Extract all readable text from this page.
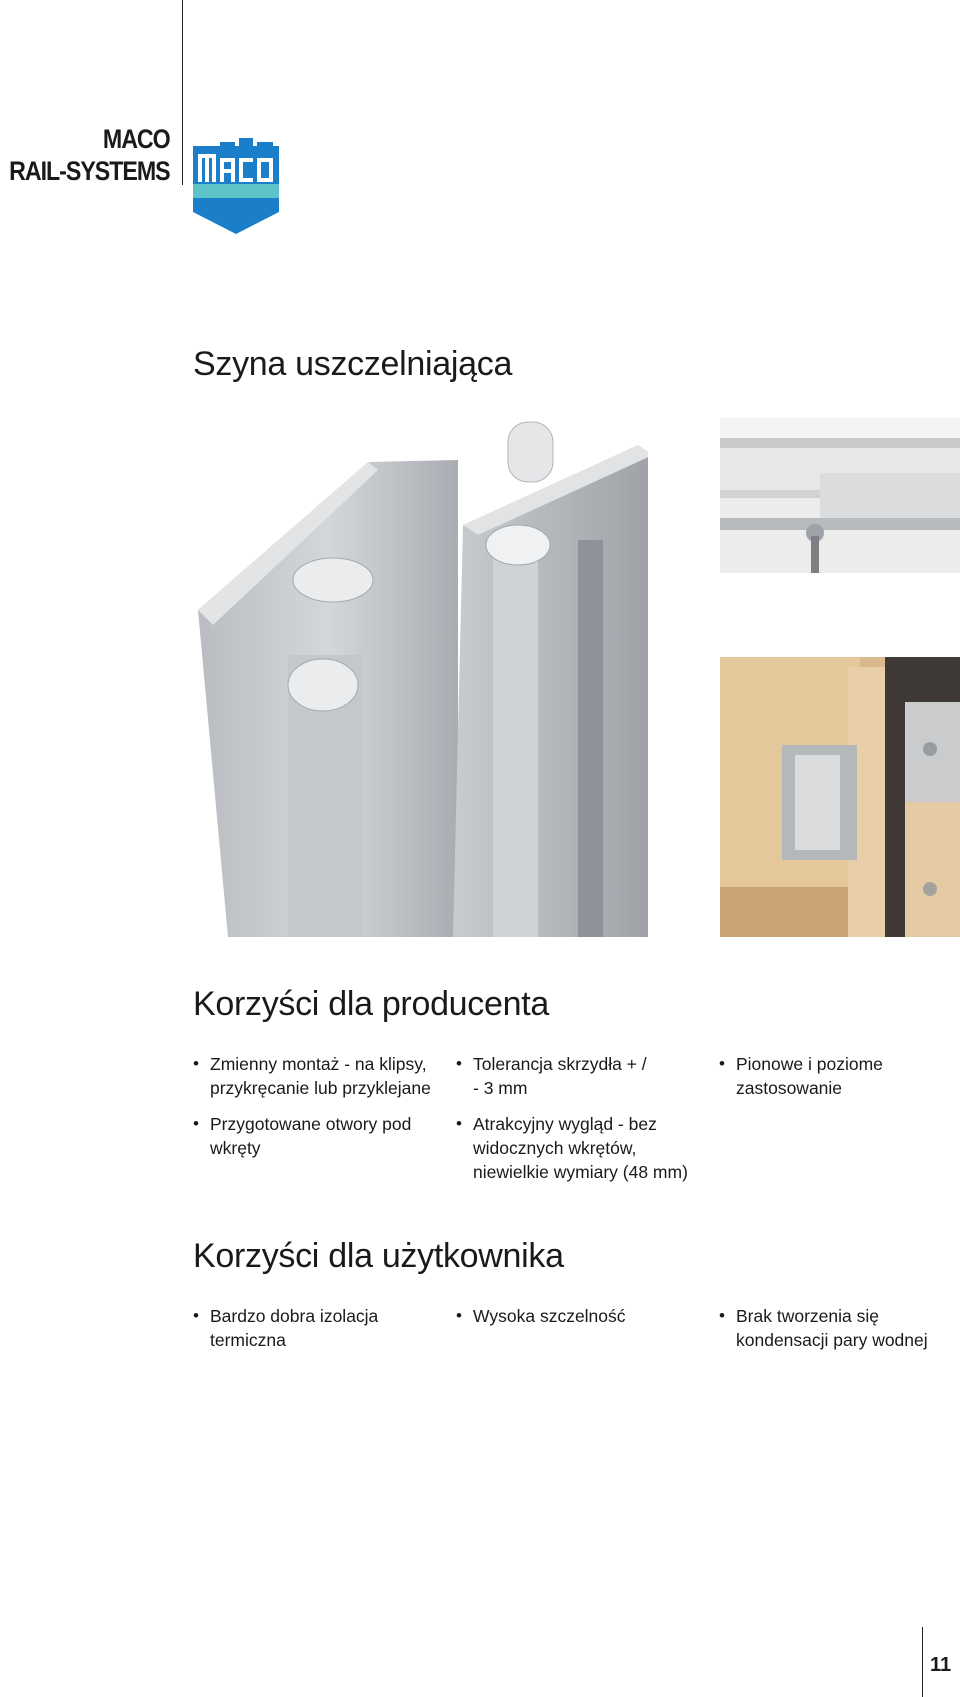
MACO
RAIL-SYSTEMS
Szyna uszczelniająca
Korzyści dla producenta
• Zmienny montaż - na klipsy, przykręcanie lub przyklejane
• Przygotowane otwory pod wkręty
• Tolerancja skrzydła + / - 3 mm
• Atrakcyjny wygląd - bez widocznych wkrętów, niewielkie wymiary (48 mm)
• Pionowe i poziome zastosowanie
Korzyści dla użytkownika
• Bardzo dobra izolacja termiczna
• Wysoka szczelność
•	Brak tworzenia się kondensacji pary wodnej
11
